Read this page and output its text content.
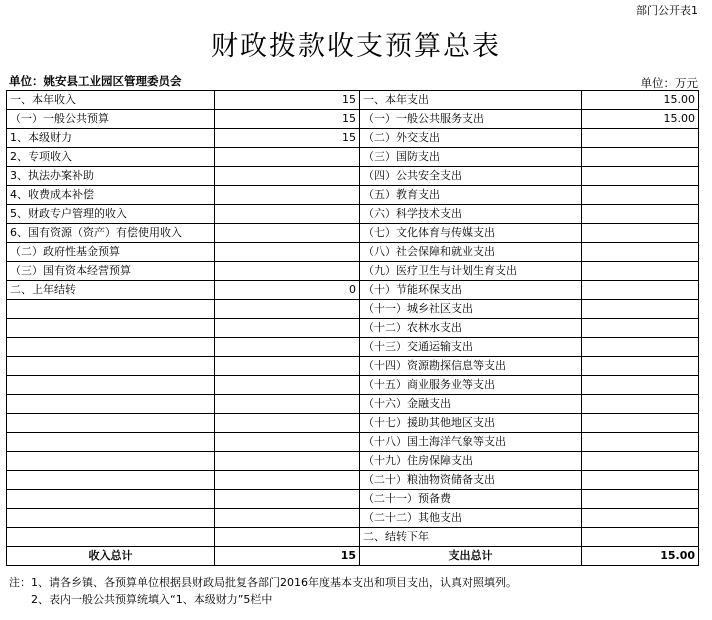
部门公开表1
财政拨款收支预算总表
单位：姚安县工业园区管理委员会	单位：万元
一、本年收入	15	一、本年支出	15.00
（一）一般公共预算	15	（一）一般公共服务支出	15.00
1、本级财力	15	（二）外交支出	
2、专项收入		（三）国防支出	
3、执法办案补助		（四）公共安全支出	
4、收费成本补偿		（五）教育支出	
5、财政专户管理的收入		（六）科学技术支出	
6、国有资源（资产）有偿使用收入		（七）文化体育与传媒支出	
（二）政府性基金预算		（八）社会保障和就业支出	
（三）国有资本经营预算		（九）医疗卫生与计划生育支出	
二、上年结转	0	（十）节能环保支出	
		（十一）城乡社区支出	
		（十二）农林水支出	
		（十三）交通运输支出	
		（十四）资源勘探信息等支出	
		（十五）商业服务业等支出	
		（十六）金融支出	
		（十七）援助其他地区支出	
		（十八）国土海洋气象等支出	
		（十九）住房保障支出	
		（二十）粮油物资储备支出	
		（二十一）预备费	
		（二十二）其他支出	
		二、结转下年	
收入总计	15	支出总计	15.00
注：1、请各乡镇、各预算单位根据县财政局批复各部门2016年度基本支出和项目支出，认真对照填列。
　　2、表内一般公共预算统填入“1、本级财力”5栏中
